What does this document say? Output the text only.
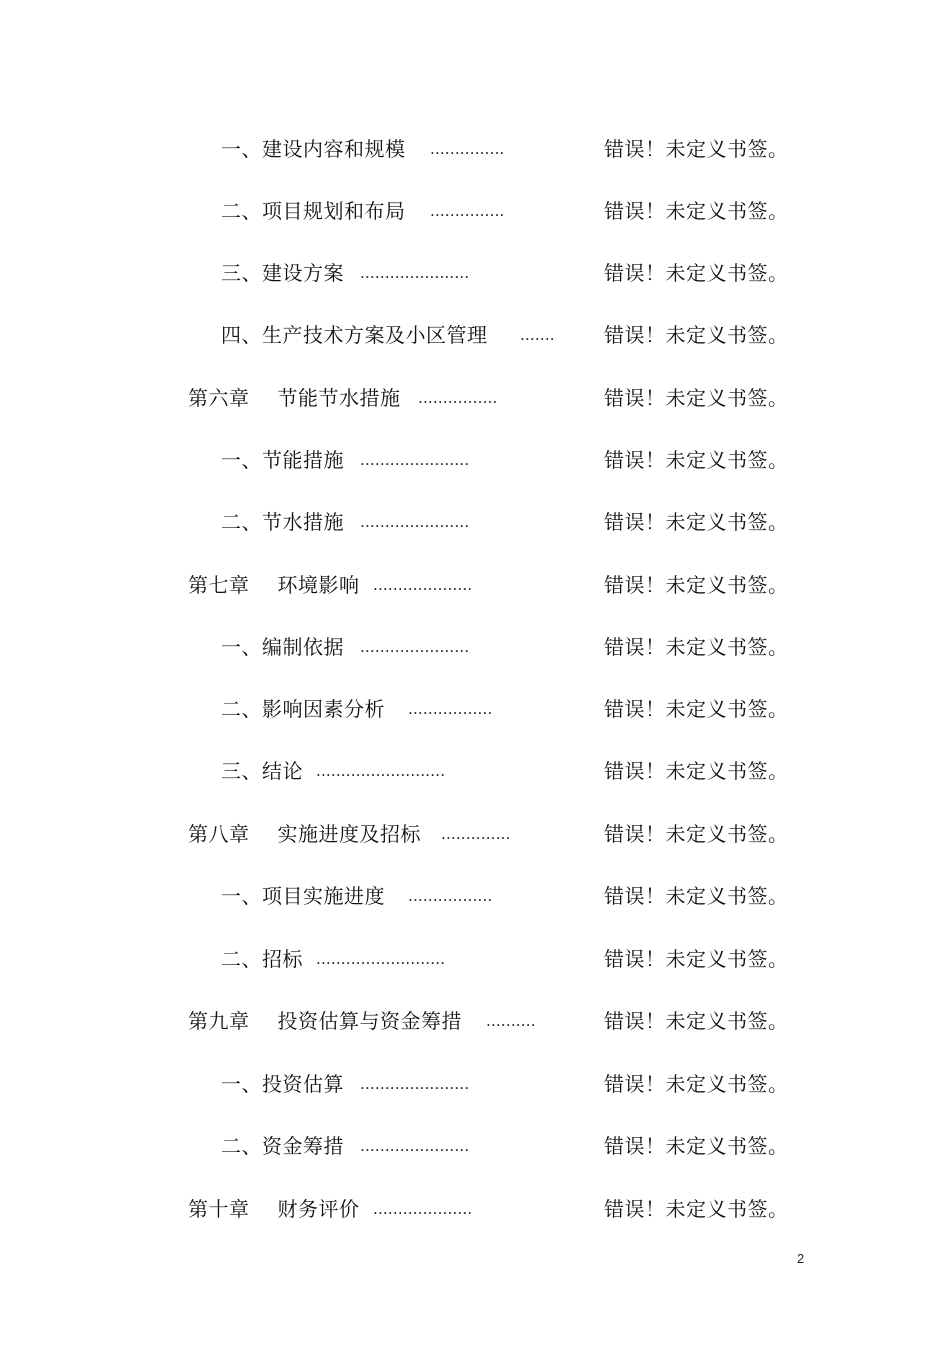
一、建设内容和规模 ...............	错误！未定义书签。
二、项目规划和布局 ...............	错误！未定义书签。
三、建设方案 ......................	错误！未定义书签。
四、生产技术方案及小区管理 ....... 错误！未定义书签。
第六章 节能节水措施 ................	错误！未定义书签。
一、节能措施 ......................	错误！未定义书签。
二、节水措施 ......................	错误！未定义书签。
第七章 环境影响 ....................	错误！未定义书签。
一、编制依据 ......................	错误！未定义书签。
二、影响因素分析 .................	错误！未定义书签。
三、结论 ..........................	错误！未定义书签。
第八章 实施进度及招标 ..............	错误！未定义书签。
一、项目实施进度 .................	错误！未定义书签。
二、招标 ..........................	错误！未定义书签。
第九章 投资估算与资金筹措 ..........	错误！未定义书签。
一、投资估算 ......................	错误！未定义书签。
二、资金筹措 ......................	错误！未定义书签。
第十章 财务评价 ....................	错误！未定义书签。
2
